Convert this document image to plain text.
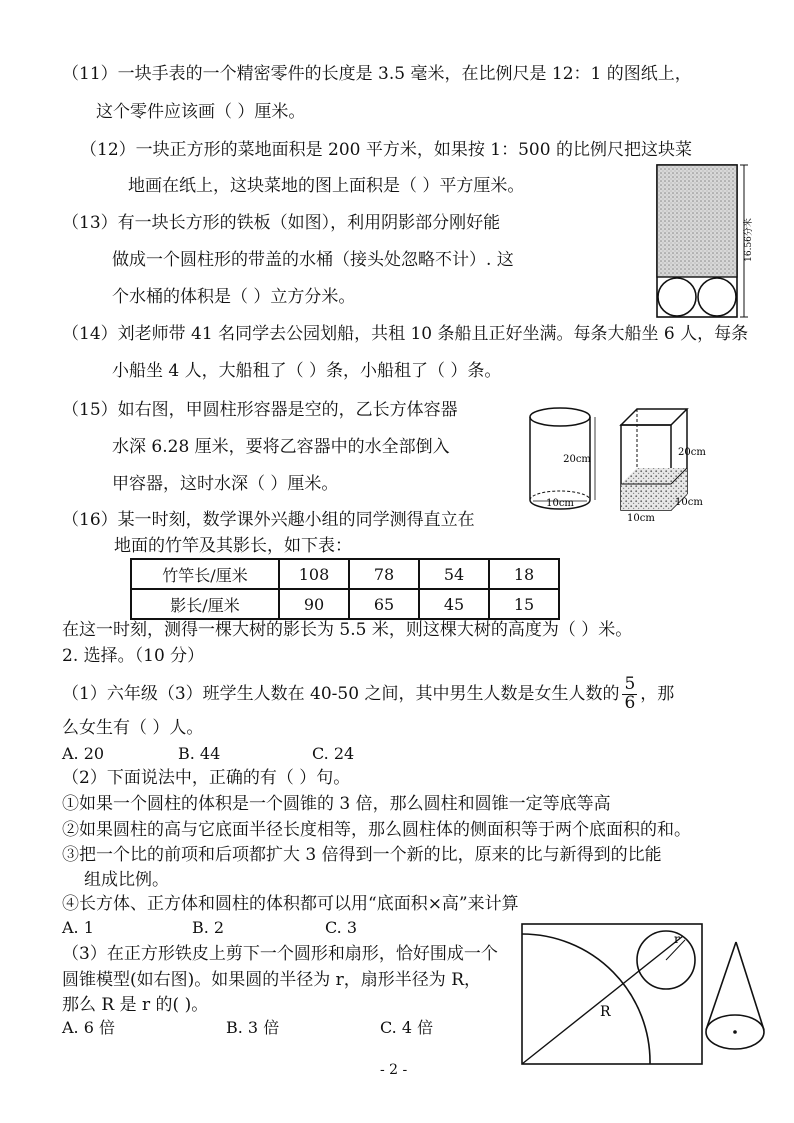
（11）一块手表的一个精密零件的长度是 3.5 毫米，在比例尺是 12：1 的图纸上，
这个零件应该画（ ）厘米。
（12）一块正方形的菜地面积是 200 平方米，如果按 1：500 的比例尺把这块菜
地画在纸上，这块菜地的图上面积是（ ）平方厘米。
（13）有一块长方形的铁板（如图），利用阴影部分刚好能
做成一个圆柱形的带盖的水桶（接头处忽略不计）. 这
个水桶的体积是（ ）立方分米。
16.56分米
（14）刘老师带 41 名同学去公园划船，共租 10 条船且正好坐满。每条大船坐 6 人，每条
小船坐 4 人，大船租了（ ）条，小船租了（ ）条。
（15）如右图，甲圆柱形容器是空的，乙长方体容器
水深 6.28 厘米，要将乙容器中的水全部倒入
甲容器，这时水深（ ）厘米。
10cm
20cm
20cm
10cm
10cm
（16）某一时刻，数学课外兴趣小组的同学测得直立在
地面的竹竿及其影长，如下表：
竹竿长/厘米	108	78	54	18
影长/厘米	90	65	45	15
在这一时刻，测得一棵大树的影长为 5.5 米，则这棵大树的高度为（ ）米。
2. 选择。（10 分）
（1）六年级（3）班学生人数在 40-50 之间，其中男生人数是女生人数的 $\frac{5}{6}$ ，那
么女生有（ ）人。
A. 20	B. 44	C. 24
（2）下面说法中，正确的有（ ）句。
①如果一个圆柱的体积是一个圆锥的 3 倍，那么圆柱和圆锥一定等底等高
②如果圆柱的高与它底面半径长度相等，那么圆柱体的侧面积等于两个底面积的和。
③把一个比的前项和后项都扩大 3 倍得到一个新的比，原来的比与新得到的比能
组成比例。
④长方体、正方体和圆柱的体积都可以用“底面积×高”来计算
A. 1	B. 2	C. 3
（3）在正方形铁皮上剪下一个圆形和扇形，恰好围成一个
圆锥模型(如右图)。如果圆的半径为 r，扇形半径为 R，
那么 R 是 r 的( )。
A. 6 倍	B. 3 倍	C. 4 倍
r
R
- 2 -
